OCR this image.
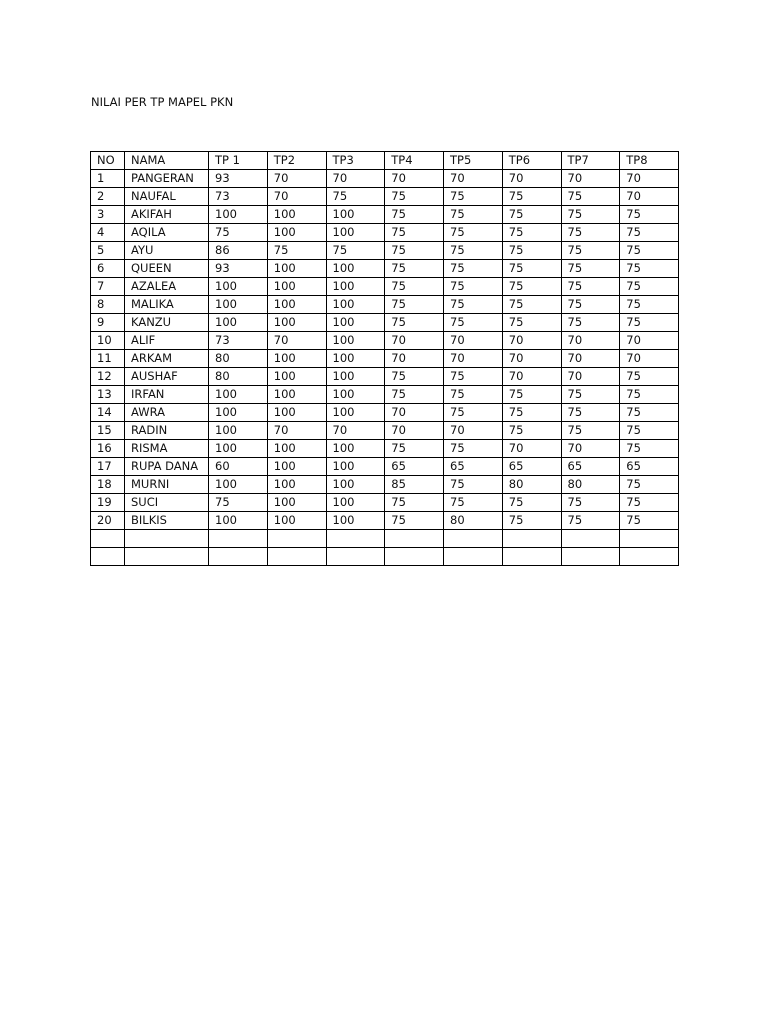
NILAI PER TP MAPEL PKN
NO	NAMA	TP 1	TP2	TP3	TP4	TP5	TP6	TP7	TP8
1	PANGERAN	93	70	70	70	70	70	70	70
2	NAUFAL	73	70	75	75	75	75	75	70
3	AKIFAH	100	100	100	75	75	75	75	75
4	AQILA	75	100	100	75	75	75	75	75
5	AYU	86	75	75	75	75	75	75	75
6	QUEEN	93	100	100	75	75	75	75	75
7	AZALEA	100	100	100	75	75	75	75	75
8	MALIKA	100	100	100	75	75	75	75	75
9	KANZU	100	100	100	75	75	75	75	75
10	ALIF	73	70	100	70	70	70	70	70
11	ARKAM	80	100	100	70	70	70	70	70
12	AUSHAF	80	100	100	75	75	70	70	75
13	IRFAN	100	100	100	75	75	75	75	75
14	AWRA	100	100	100	70	75	75	75	75
15	RADIN	100	70	70	70	70	75	75	75
16	RISMA	100	100	100	75	75	70	70	75
17	RUPA DANA	60	100	100	65	65	65	65	65
18	MURNI	100	100	100	85	75	80	80	75
19	SUCI	75	100	100	75	75	75	75	75
20	BILKIS	100	100	100	75	80	75	75	75
